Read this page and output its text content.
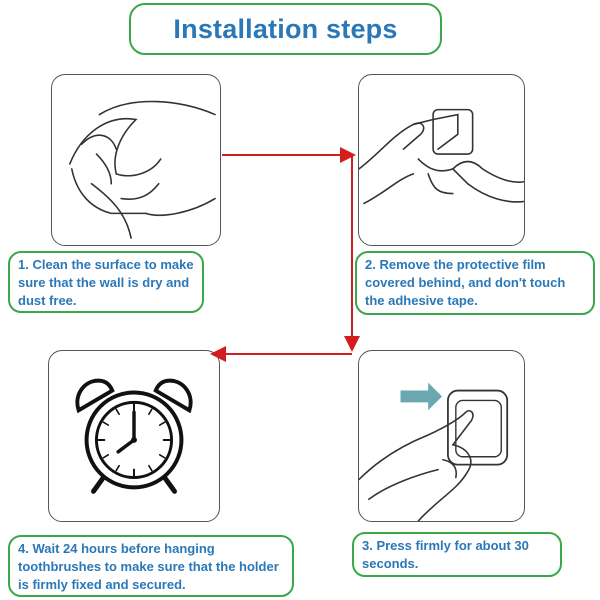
Installation steps
1. Clean the surface to make sure that the wall is dry and dust free.
2. Remove the protective film covered behind, and don't touch the adhesive tape.
3. Press firmly for about 30 seconds.
4. Wait 24 hours before hanging toothbrushes to make sure that the holder is firmly fixed and secured.
